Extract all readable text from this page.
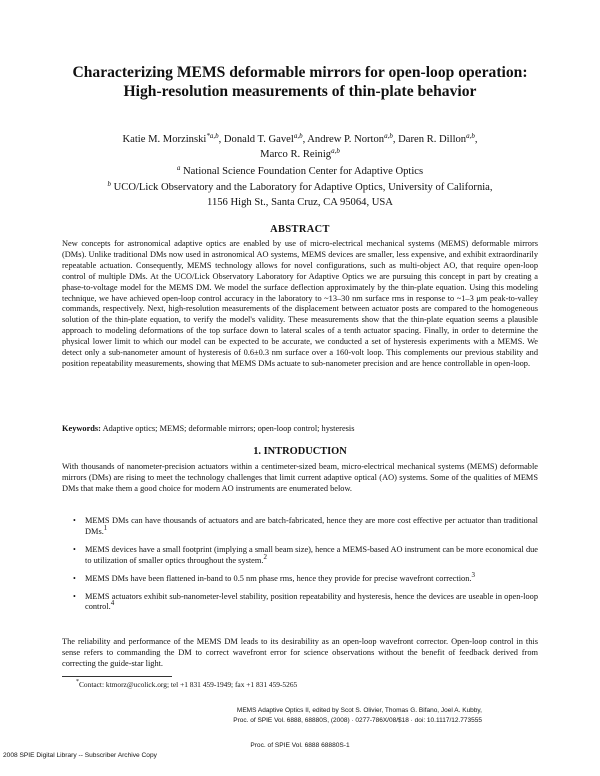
Characterizing MEMS deformable mirrors for open-loop operation: High-resolution measurements of thin-plate behavior
Katie M. Morzinski$^{*a,b}$, Donald T. Gavel$^{a,b}$, Andrew P. Norton$^{a,b}$, Daren R. Dillon$^{a,b}$,
Marco R. Reinig$^{a,b}$
$^a$ National Science Foundation Center for Adaptive Optics
$^b$ UCO/Lick Observatory and the Laboratory for Adaptive Optics, University of California,
1156 High St., Santa Cruz, CA 95064, USA
ABSTRACT
New concepts for astronomical adaptive optics are enabled by use of micro-electrical mechanical systems (MEMS) deformable mirrors (DMs). Unlike traditional DMs now used in astronomical AO systems, MEMS devices are smaller, less expensive, and exhibit extraordinarily repeatable actuation. Consequently, MEMS technology allows for novel configurations, such as multi-object AO, that require open-loop control of multiple DMs. At the UCO/Lick Observatory Laboratory for Adaptive Optics we are pursuing this concept in part by creating a phase-to-voltage model for the MEMS DM. We model the surface deflection approximately by the thin-plate equation. Using this modeling technique, we have achieved open-loop control accuracy in the laboratory to ~13–30 nm surface rms in response to ~1–3 μm peak-to-valley commands, respectively. Next, high-resolution measurements of the displacement between actuator posts are compared to the homogeneous solution of the thin-plate equation, to verify the model's validity. These measurements show that the thin-plate equation seems a plausible approach to modeling deformations of the top surface down to lateral scales of a tenth actuator spacing. Finally, in order to determine the physical lower limit to which our model can be expected to be accurate, we conducted a set of hysteresis experiments with a MEMS. We detect only a sub-nanometer amount of hysteresis of 0.6±0.3 nm surface over a 160-volt loop. This complements our previous stability and position repeatability measurements, showing that MEMS DMs actuate to sub-nanometer precision and are hence controllable in open-loop.
Keywords: Adaptive optics; MEMS; deformable mirrors; open-loop control; hysteresis
1. INTRODUCTION
With thousands of nanometer-precision actuators within a centimeter-sized beam, micro-electrical mechanical systems (MEMS) deformable mirrors (DMs) are rising to meet the technology challenges that limit current adaptive optical (AO) systems. Some of the qualities of MEMS DMs that make them a good choice for modern AO instruments are enumerated below.
• MEMS DMs can have thousands of actuators and are batch-fabricated, hence they are more cost effective per actuator than traditional DMs.$^1$
• MEMS devices have a small footprint (implying a small beam size), hence a MEMS-based AO instrument can be more economical due to utilization of smaller optics throughout the system.$^2$
• MEMS DMs have been flattened in-band to 0.5 nm phase rms, hence they provide for precise wavefront correction.$^3$
• MEMS actuators exhibit sub-nanometer-level stability, position repeatability and hysteresis, hence the devices are useable in open-loop control.$^4$
The reliability and performance of the MEMS DM leads to its desirability as an open-loop wavefront corrector. Open-loop control in this sense refers to commanding the DM to correct wavefront error for science observations without the benefit of feedback derived from correcting the guide-star light.
*Contact: ktmorz@ucolick.org; tel +1 831 459-1949; fax +1 831 459-5265
MEMS Adaptive Optics II, edited by Scot S. Olivier, Thomas G. Bifano, Joel A. Kubby,
Proc. of SPIE Vol. 6888, 68880S, (2008) · 0277-786X/08/$18 · doi: 10.1117/12.773555
Proc. of SPIE Vol. 6888 68880S-1
2008 SPIE Digital Library -- Subscriber Archive Copy
